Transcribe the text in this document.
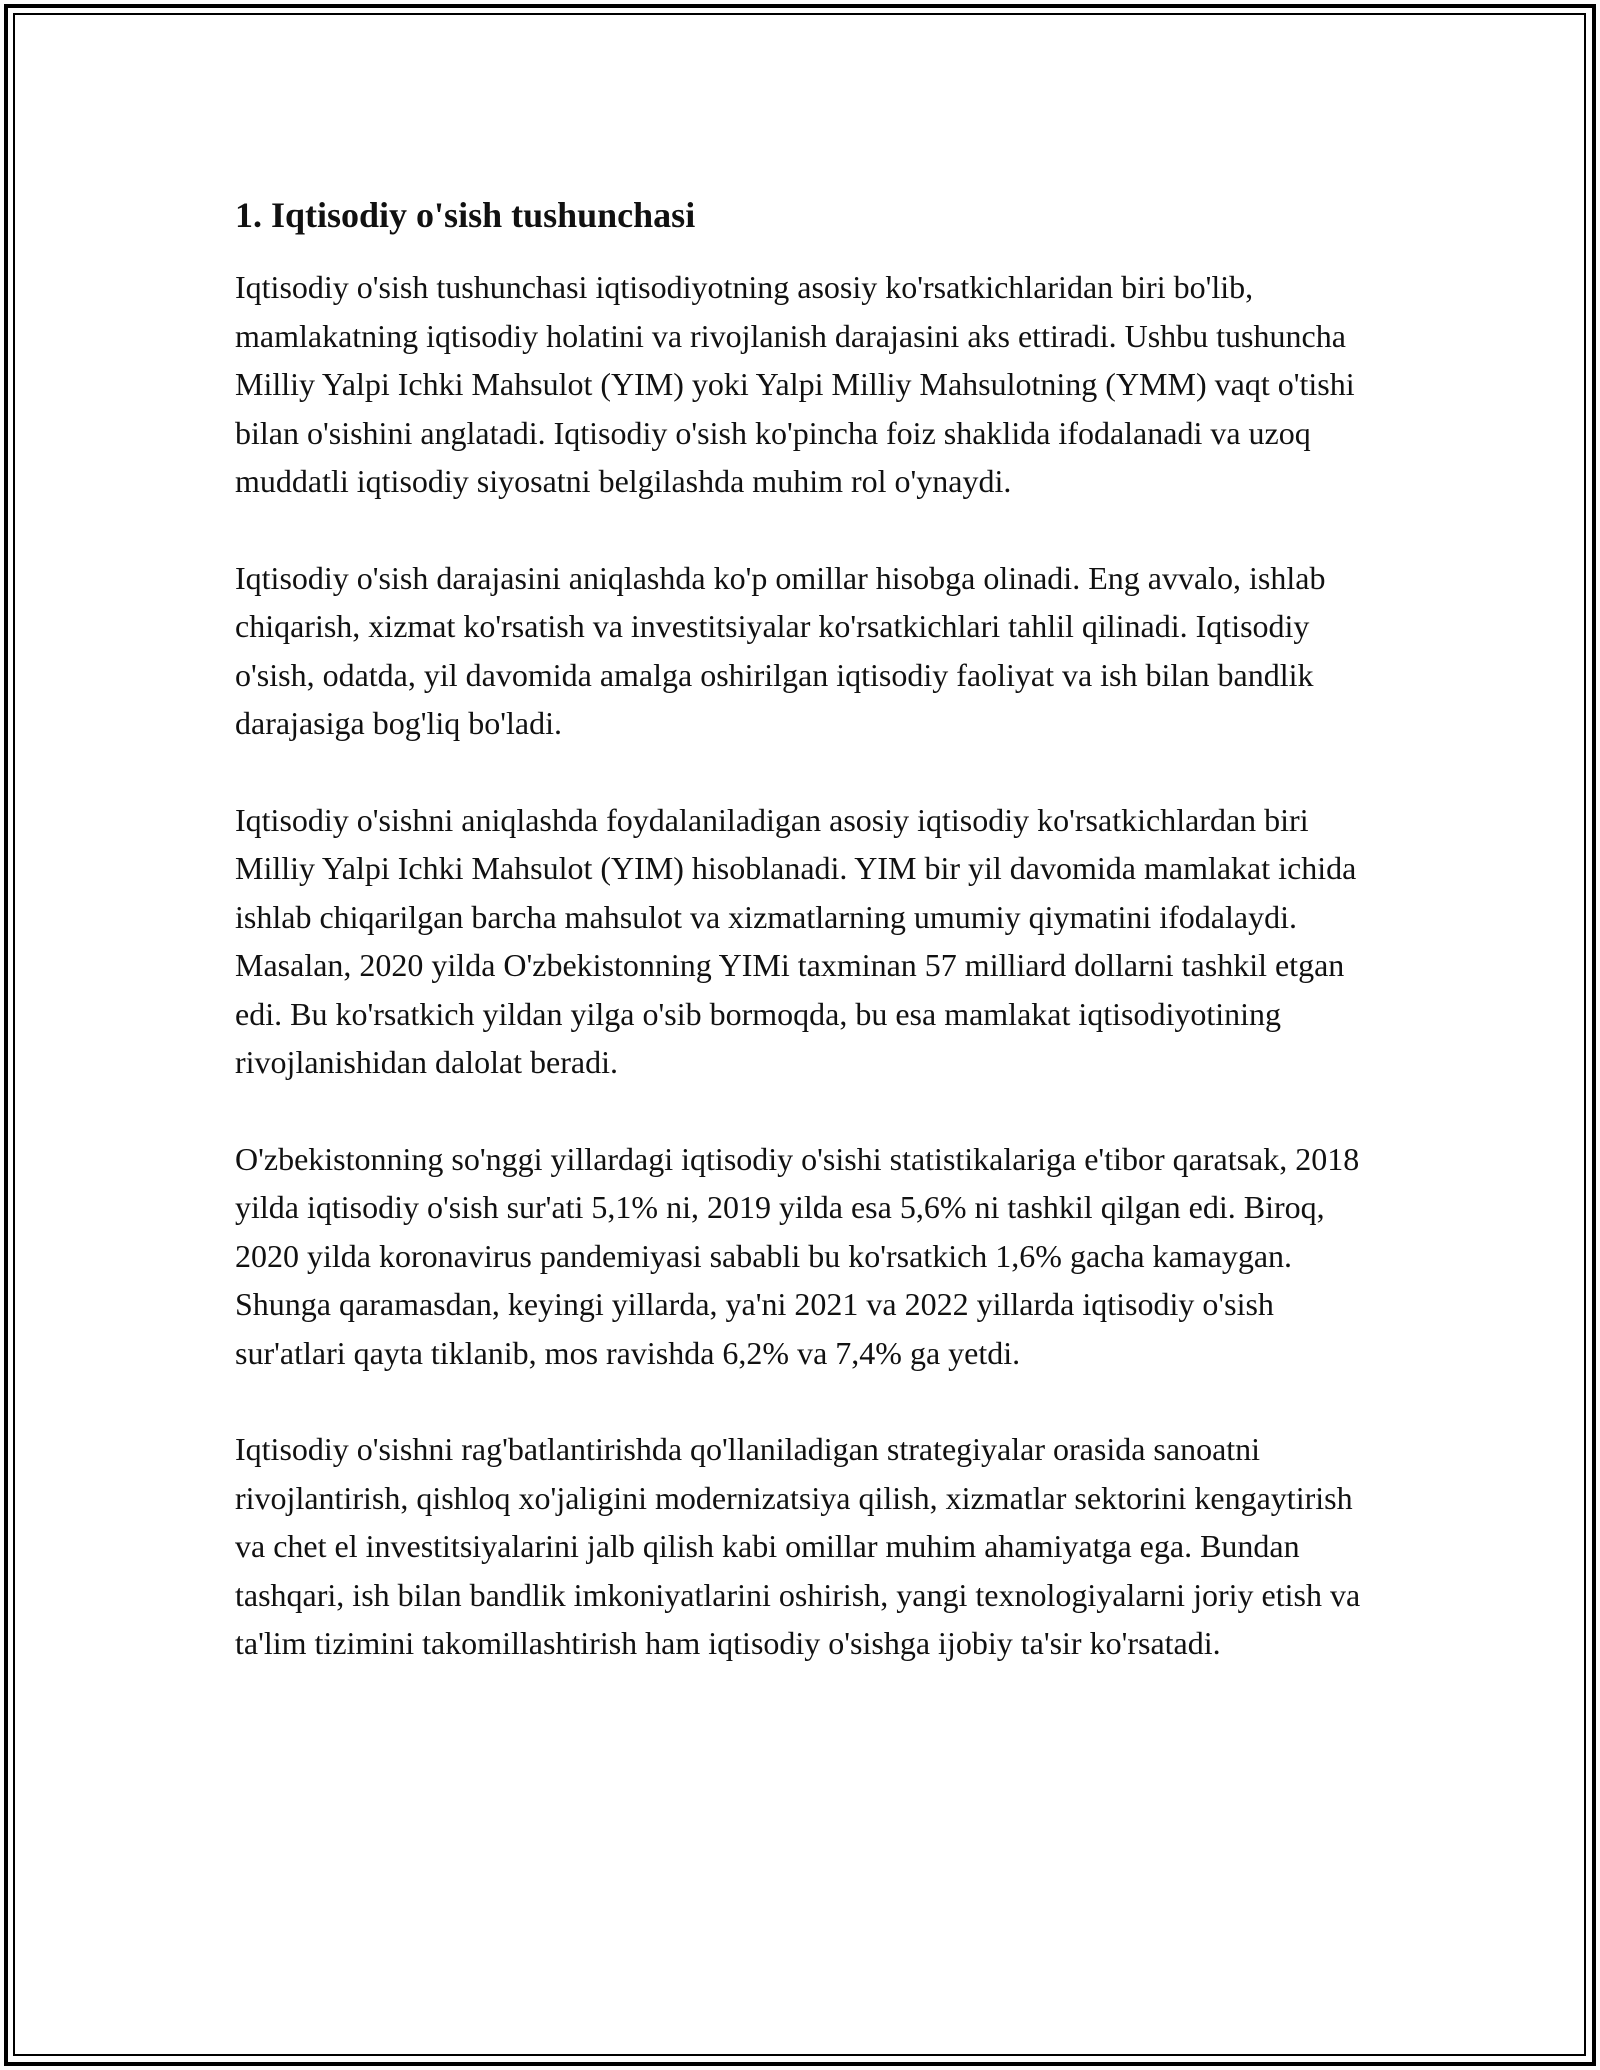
1. Iqtisodiy o'sish tushunchasi

Iqtisodiy o'sish tushunchasi iqtisodiyotning asosiy ko'rsatkichlaridan biri bo'lib, mamlakatning iqtisodiy holatini va rivojlanish darajasini aks ettiradi. Ushbu tushuncha Milliy Yalpi Ichki Mahsulot (YIM) yoki Yalpi Milliy Mahsulotning (YMM) vaqt o'tishi bilan o'sishini anglatadi. Iqtisodiy o'sish ko'pincha foiz shaklida ifodalanadi va uzoq muddatli iqtisodiy siyosatni belgilashda muhim rol o'ynaydi.

Iqtisodiy o'sish darajasini aniqlashda ko'p omillar hisobga olinadi. Eng avvalo, ishlab chiqarish, xizmat ko'rsatish va investitsiyalar ko'rsatkichlari tahlil qilinadi. Iqtisodiy o'sish, odatda, yil davomida amalga oshirilgan iqtisodiy faoliyat va ish bilan bandlik darajasiga bog'liq bo'ladi.

Iqtisodiy o'sishni aniqlashda foydalaniladigan asosiy iqtisodiy ko'rsatkichlardan biri Milliy Yalpi Ichki Mahsulot (YIM) hisoblanadi. YIM bir yil davomida mamlakat ichida ishlab chiqarilgan barcha mahsulot va xizmatlarning umumiy qiymatini ifodalaydi. Masalan, 2020 yilda O'zbekistonning YIMi taxminan 57 milliard dollarni tashkil etgan edi. Bu ko'rsatkich yildan yilga o'sib bormoqda, bu esa mamlakat iqtisodiyotining rivojlanishidan dalolat beradi.

O'zbekistonning so'nggi yillardagi iqtisodiy o'sishi statistikalariga e'tibor qaratsak, 2018 yilda iqtisodiy o'sish sur'ati 5,1% ni, 2019 yilda esa 5,6% ni tashkil qilgan edi. Biroq, 2020 yilda koronavirus pandemiyasi sababli bu ko'rsatkich 1,6% gacha kamaygan. Shunga qaramasdan, keyingi yillarda, ya'ni 2021 va 2022 yillarda iqtisodiy o'sish sur'atlari qayta tiklanib, mos ravishda 6,2% va 7,4% ga yetdi.

Iqtisodiy o'sishni rag'batlantirishda qo'llaniladigan strategiyalar orasida sanoatni rivojlantirish, qishloq xo'jaligini modernizatsiya qilish, xizmatlar sektorini kengaytirish va chet el investitsiyalarini jalb qilish kabi omillar muhim ahamiyatga ega. Bundan tashqari, ish bilan bandlik imkoniyatlarini oshirish, yangi texnologiyalarni joriy etish va ta'lim tizimini takomillashtirish ham iqtisodiy o'sishga ijobiy ta'sir ko'rsatadi.
